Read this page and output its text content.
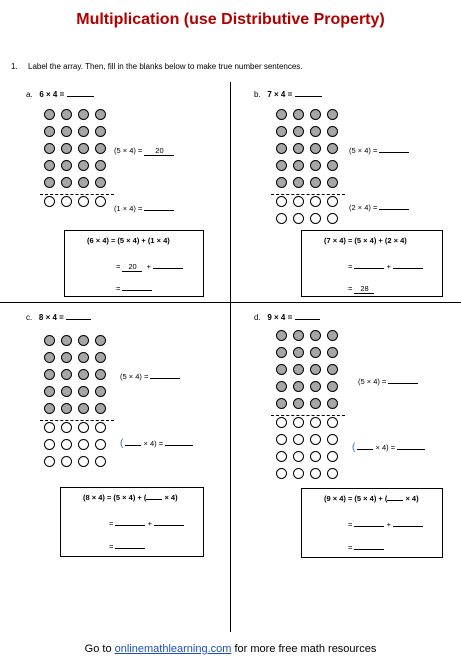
Multiplication (use Distributive Property)
1. Label the array. Then, fill in the blanks below to make true number sentences.
a. 6 × 4 =
(5 × 4) = 20
(1 × 4) =
(6 × 4) = (5 × 4) + (1 × 4)
= 20 +
=
b. 7 × 4 =
(5 × 4) =
(2 × 4) =
(7 × 4) = (5 × 4) + (2 × 4)
=	+
= 28
c. 8 × 4 =
(5 × 4) =
(	× 4) =
(8 × 4) = (5 × 4) + ( × 4)
=	+
=
d. 9 × 4 =
(5 × 4) =
(	× 4) =
(9 × 4) = (5 × 4) + ( × 4)
=	+
=
Go to onlinemathlearning.com for more free math resources
